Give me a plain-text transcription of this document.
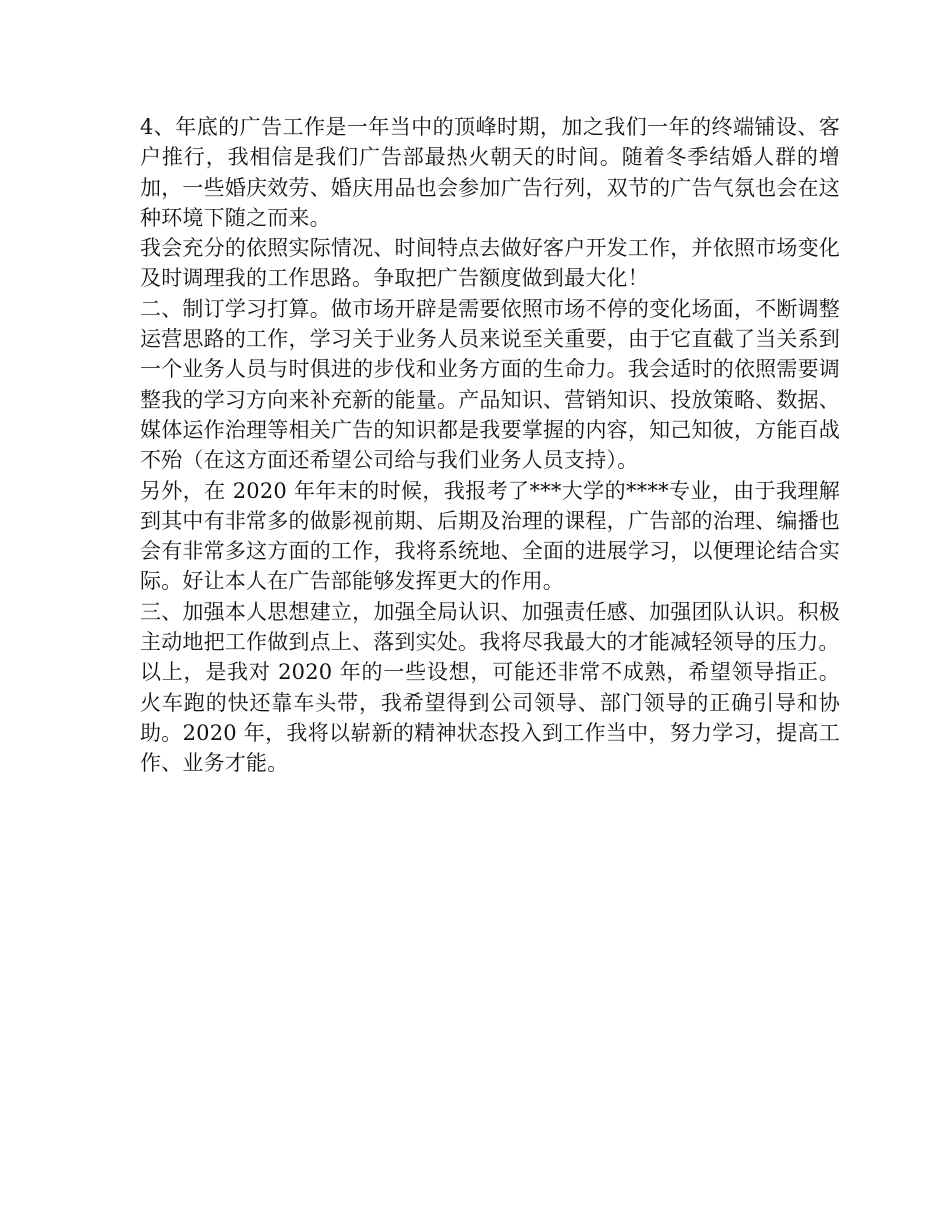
4、年底的广告工作是一年当中的顶峰时期，加之我们一年的终端铺设、客户推行，我相信是我们广告部最热火朝天的时间。随着冬季结婚人群的增加，一些婚庆效劳、婚庆用品也会参加广告行列，双节的广告气氛也会在这种环境下随之而来。

我会充分的依照实际情况、时间特点去做好客户开发工作，并依照市场变化及时调理我的工作思路。争取把广告额度做到最大化！

二、制订学习打算。做市场开辟是需要依照市场不停的变化场面，不断调整运营思路的工作，学习关于业务人员来说至关重要，由于它直截了当关系到一个业务人员与时俱进的步伐和业务方面的生命力。我会适时的依照需要调整我的学习方向来补充新的能量。产品知识、营销知识、投放策略、数据、媒体运作治理等相关广告的知识都是我要掌握的内容，知己知彼，方能百战不殆（在这方面还希望公司给与我们业务人员支持）。

另外，在 2020 年年末的时候，我报考了***大学的****专业，由于我理解到其中有非常多的做影视前期、后期及治理的课程，广告部的治理、编播也会有非常多这方面的工作，我将系统地、全面的进展学习，以便理论结合实际。好让本人在广告部能够发挥更大的作用。

三、加强本人思想建立，加强全局认识、加强责任感、加强团队认识。积极主动地把工作做到点上、落到实处。我将尽我最大的才能减轻领导的压力。

以上，是我对 2020 年的一些设想，可能还非常不成熟，希望领导指正。火车跑的快还靠车头带，我希望得到公司领导、部门领导的正确引导和协助。2020 年，我将以崭新的精神状态投入到工作当中，努力学习，提高工作、业务才能。
